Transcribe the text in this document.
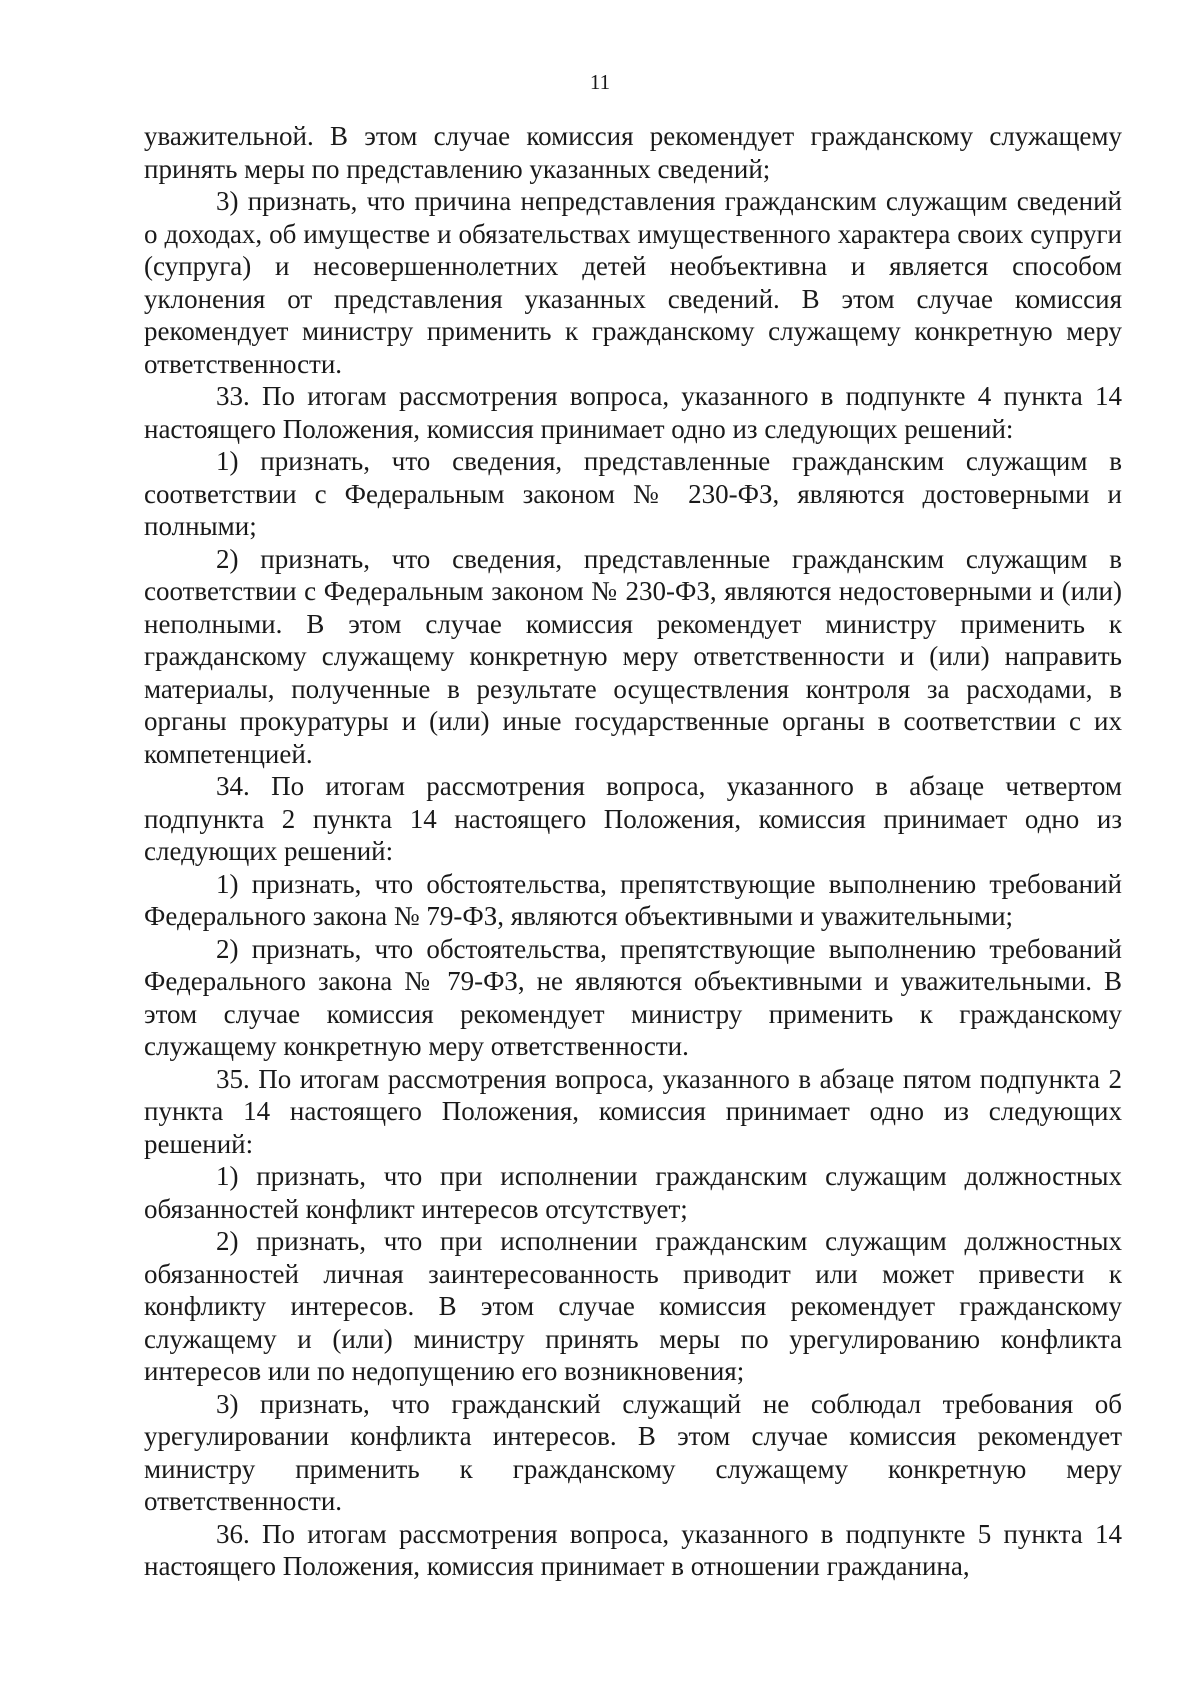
11

уважительной. В этом случае комиссия рекомендует гражданскому служащему принять меры по представлению указанных сведений;

3) признать, что причина непредставления гражданским служащим сведений о доходах, об имуществе и обязательствах имущественного характера своих супруги (супруга) и несовершеннолетних детей необъективна и является способом уклонения от представления указанных сведений. В этом случае комиссия рекомендует министру применить к гражданскому служащему конкретную меру ответственности.

33. По итогам рассмотрения вопроса, указанного в подпункте 4 пункта 14 настоящего Положения, комиссия принимает одно из следующих решений:

1) признать, что сведения, представленные гражданским служащим в соответствии с Федеральным законом № 230-ФЗ, являются достоверными и полными;

2) признать, что сведения, представленные гражданским служащим в соответствии с Федеральным законом № 230-ФЗ, являются недостоверными и (или) неполными. В этом случае комиссия рекомендует министру применить к гражданскому служащему конкретную меру ответственности и (или) направить материалы, полученные в результате осуществления контроля за расходами, в органы прокуратуры и (или) иные государственные органы в соответствии с их компетенцией.

34. По итогам рассмотрения вопроса, указанного в абзаце четвертом подпункта 2 пункта 14 настоящего Положения, комиссия принимает одно из следующих решений:

1) признать, что обстоятельства, препятствующие выполнению требований Федерального закона № 79-ФЗ, являются объективными и уважительными;

2) признать, что обстоятельства, препятствующие выполнению требований Федерального закона № 79-ФЗ, не являются объективными и уважительными. В этом случае комиссия рекомендует министру применить к гражданскому служащему конкретную меру ответственности.

35. По итогам рассмотрения вопроса, указанного в абзаце пятом подпункта 2 пункта 14 настоящего Положения, комиссия принимает одно из следующих решений:

1) признать, что при исполнении гражданским служащим должностных обязанностей конфликт интересов отсутствует;

2) признать, что при исполнении гражданским служащим должностных обязанностей личная заинтересованность приводит или может привести к конфликту интересов. В этом случае комиссия рекомендует гражданскому служащему и (или) министру принять меры по урегулированию конфликта интересов или по недопущению его возникновения;

3) признать, что гражданский служащий не соблюдал требования об урегулировании конфликта интересов. В этом случае комиссия рекомендует министру применить к гражданскому служащему конкретную меру ответственности.

36. По итогам рассмотрения вопроса, указанного в подпункте 5 пункта 14 настоящего Положения, комиссия принимает в отношении гражданина,
